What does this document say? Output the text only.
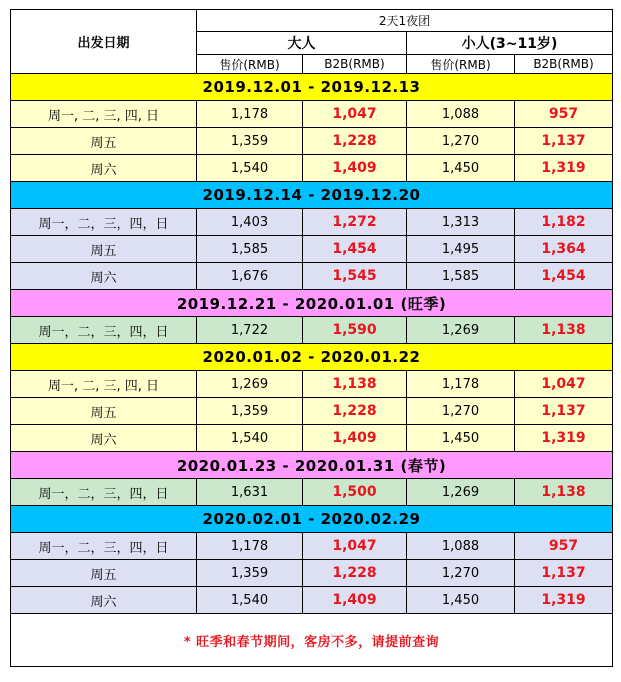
出发日期	2天1夜团			
	大人		小人(3~11岁)	
	售价(RMB)	B2B(RMB)	售价(RMB)	B2B(RMB)
2019.12.01 - 2019.12.13				
周一, 二, 三, 四, 日	1,178	1,047	1,088	957
周五	1,359	1,228	1,270	1,137
周六	1,540	1,409	1,450	1,319
2019.12.14 - 2019.12.20				
周一，二，三，四，日	1,403	1,272	1,313	1,182
周五	1,585	1,454	1,495	1,364
周六	1,676	1,545	1,585	1,454
2019.12.21 - 2020.01.01 (旺季)				
周一，二，三，四，日	1,722	1,590	1,269	1,138
2020.01.02 - 2020.01.22				
周一, 二, 三, 四, 日	1,269	1,138	1,178	1,047
周五	1,359	1,228	1,270	1,137
周六	1,540	1,409	1,450	1,319
2020.01.23 - 2020.01.31 (春节)				
周一，二，三，四，日	1,631	1,500	1,269	1,138
2020.02.01 - 2020.02.29				
周一，二，三，四，日	1,178	1,047	1,088	957
周五	1,359	1,228	1,270	1,137
周六	1,540	1,409	1,450	1,319
* 旺季和春节期间，客房不多，请提前查询				
